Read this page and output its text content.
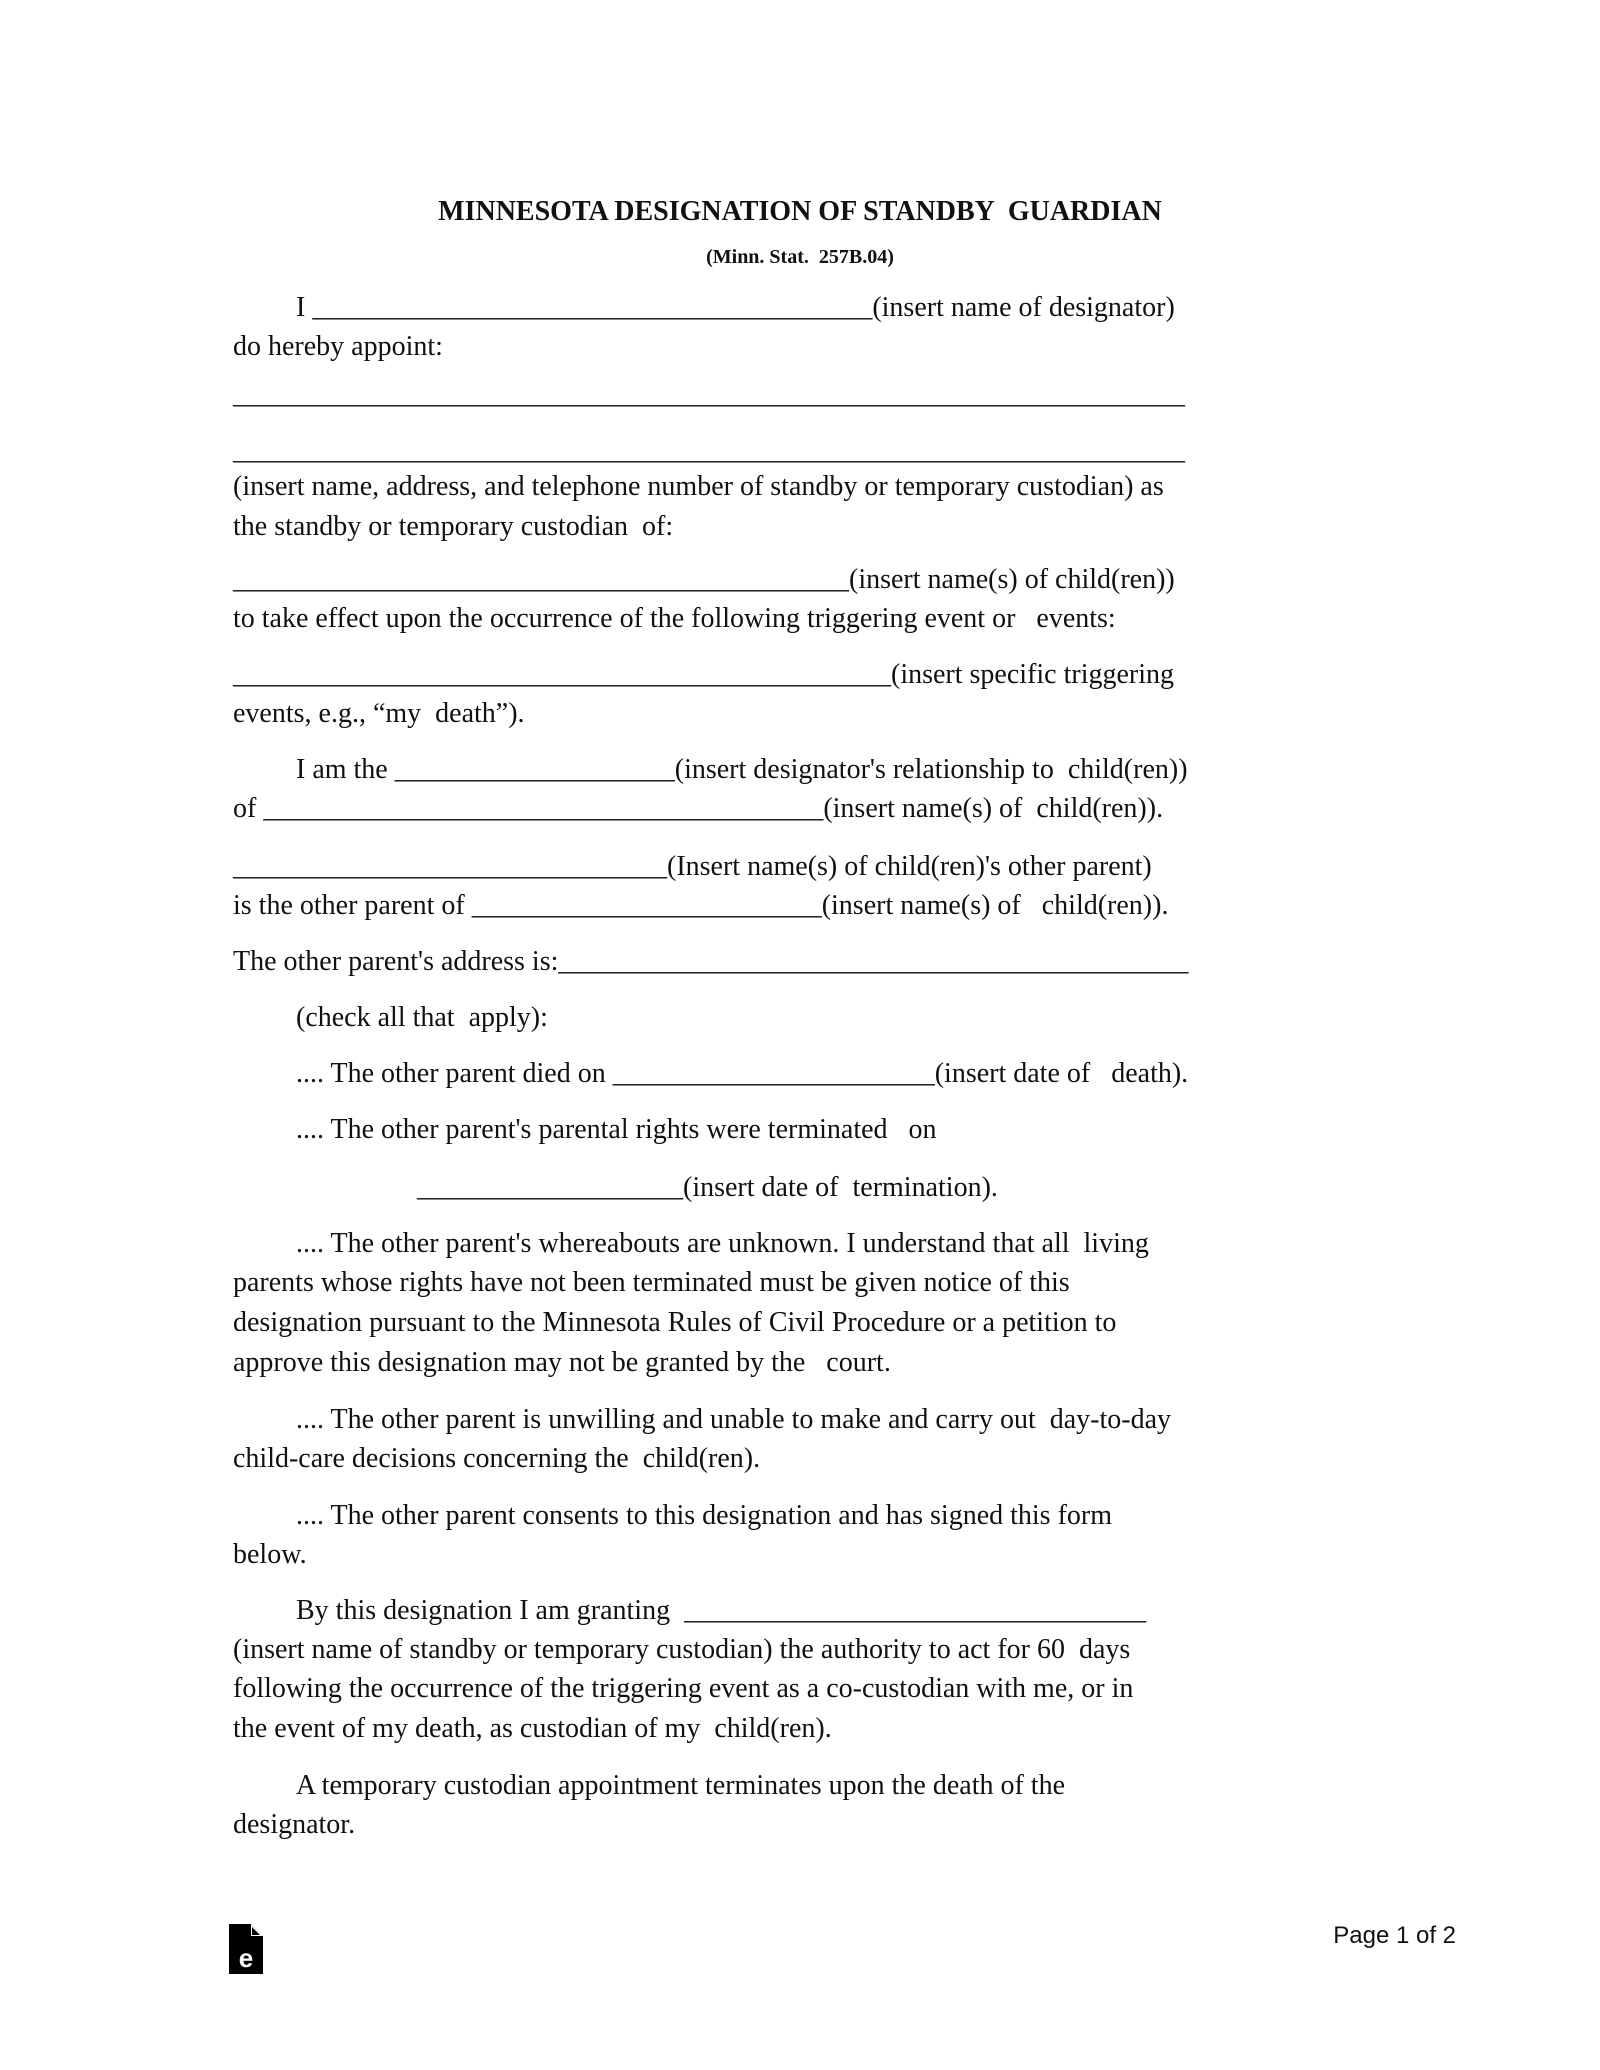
MINNESOTA DESIGNATION OF STANDBY  GUARDIAN
(Minn. Stat.  257B.04)
I ________________________________________(insert name of designator)
do hereby appoint:
____________________________________________________________________
____________________________________________________________________
(insert name, address, and telephone number of standby or temporary custodian) as
the standby or temporary custodian  of:
____________________________________________(insert name(s) of child(ren))
to take effect upon the occurrence of the following triggering event or   events:
_______________________________________________(insert specific triggering
events, e.g., “my  death”).
I am the ____________________(insert designator's relationship to  child(ren))
of ________________________________________(insert name(s) of  child(ren)).
_______________________________(Insert name(s) of child(ren)'s other parent)
is the other parent of _________________________(insert name(s) of   child(ren)).
The other parent's address is:_____________________________________________
(check all that  apply):
.... The other parent died on _______________________(insert date of   death).
.... The other parent's parental rights were terminated   on
___________________(insert date of  termination).
.... The other parent's whereabouts are unknown. I understand that all  living
parents whose rights have not been terminated must be given notice of this
designation pursuant to the Minnesota Rules of Civil Procedure or a petition to
approve this designation may not be granted by the   court.
.... The other parent is unwilling and unable to make and carry out  day-to-day
child-care decisions concerning the  child(ren).
.... The other parent consents to this designation and has signed this form
below.
By this designation I am granting  _________________________________
(insert name of standby or temporary custodian) the authority to act for 60  days
following the occurrence of the triggering event as a co-custodian with me, or in
the event of my death, as custodian of my  child(ren).
A temporary custodian appointment terminates upon the death of the
designator.
e
Page 1 of 2
